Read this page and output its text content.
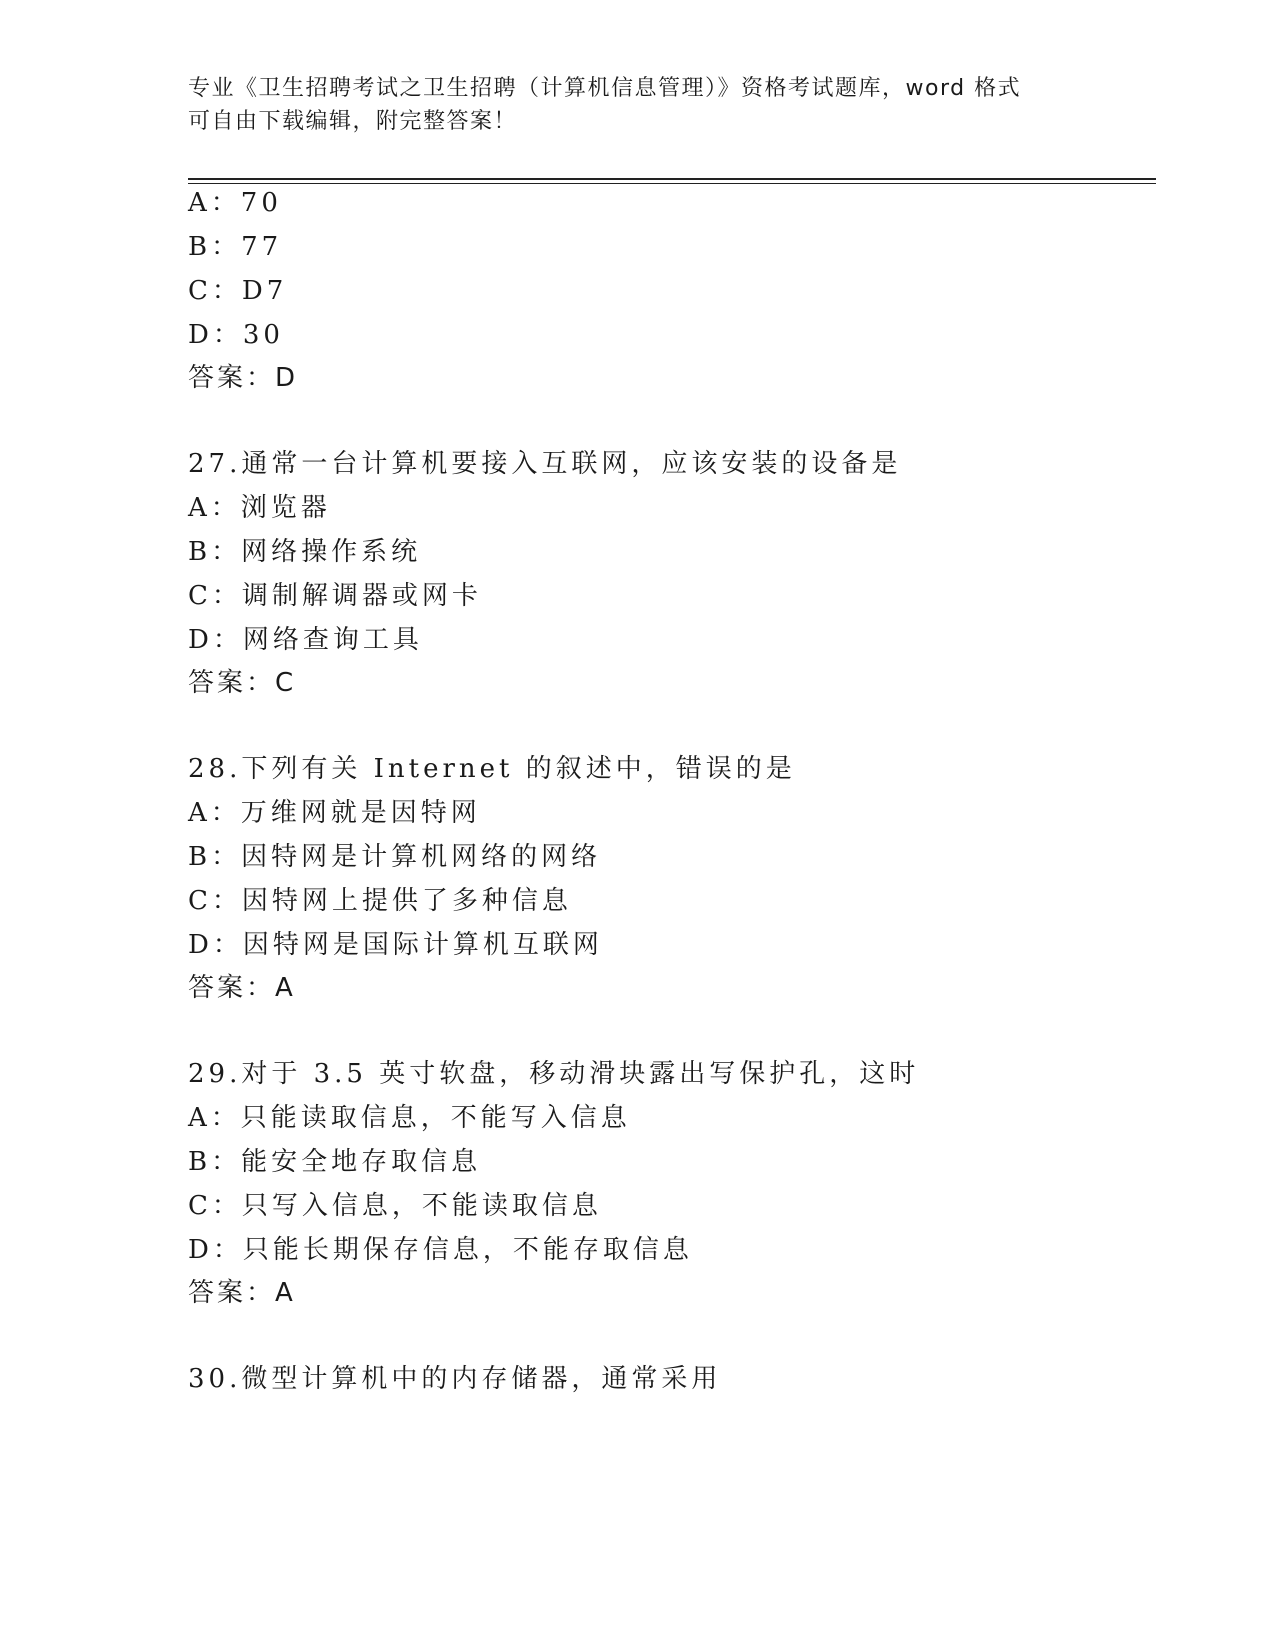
专业《卫生招聘考试之卫生招聘（计算机信息管理）》资格考试题库，word 格式
可自由下载编辑，附完整答案！
A：70
B：77
C：D7
D：30
答案：D
27.通常一台计算机要接入互联网，应该安装的设备是
A：浏览器
B：网络操作系统
C：调制解调器或网卡
D：网络查询工具
答案：C
28.下列有关 Internet 的叙述中，错误的是
A：万维网就是因特网
B：因特网是计算机网络的网络
C：因特网上提供了多种信息
D：因特网是国际计算机互联网
答案：A
29.对于 3.5 英寸软盘，移动滑块露出写保护孔，这时
A：只能读取信息，不能写入信息
B：能安全地存取信息
C：只写入信息，不能读取信息
D：只能长期保存信息，不能存取信息
答案：A
30.微型计算机中的内存储器，通常采用
